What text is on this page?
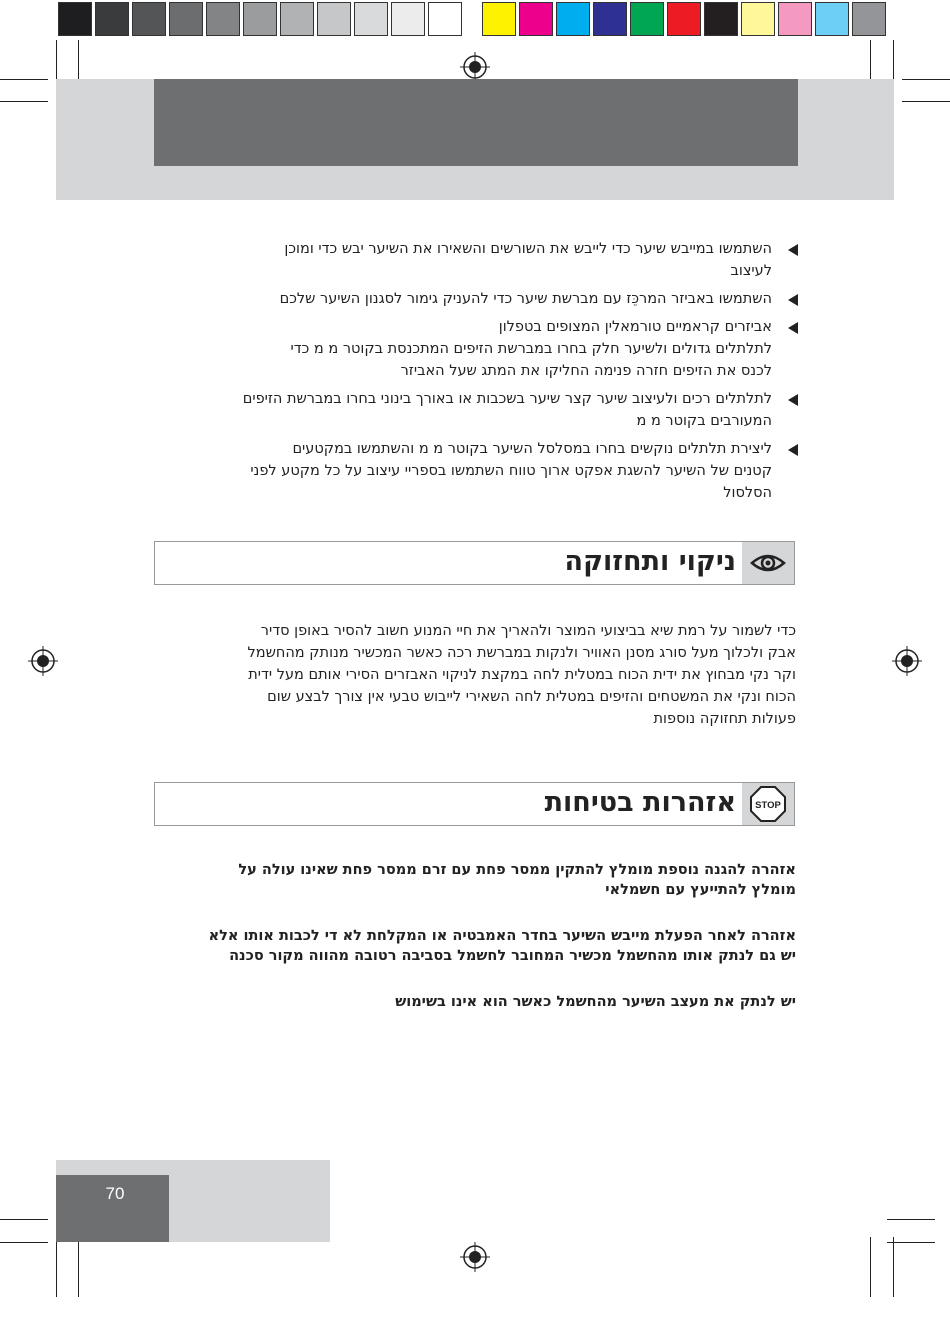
השתמשו במייבש שיער כדי לייבש את השורשים והשאירו את השיער יבש כדי ומוכן

לעיצוב

השתמשו באביזר המרכֵּז עם מברשת שיער כדי להעניק גימור לסגנון השיער שלכם

אביזרים קראמיים טורמאלין המצופים בטפלון

לתלתלים גדולים ולשיער חלק בחרו במברשת הזיפים המתכנסת בקוטר מ מ כדי

לכנס את הזיפים חזרה פנימה החליקו את המתג שעל האביזר

לתלתלים רכים ולעיצוב שיער קצר שיער בשכבות או באורך בינוני בחרו במברשת הזיפים

המעורבים בקוטר מ מ

ליצירת תלתלים נוקשים בחרו במסלסל השיער בקוטר מ מ והשתמשו במקטעים

קטנים של השיער להשגת אפקט ארוך טווח השתמשו בספריי עיצוב על כל מקטע לפני

הסלסול

ניקוי ותחזוקה

כדי לשמור על רמת שיא בביצועי המוצר ולהאריך את חיי המנוע חשוב להסיר באופן סדיר

אבק ולכלוך מעל סורג מסנן האוויר ולנקות במברשת רכה כאשר המכשיר מנותק מהחשמל

וקר נקי מבחוץ את ידית הכוח במטלית לחה במקצת לניקוי האבזרים הסירי אותם מעל ידית

הכוח ונקי את המשטחים והזיפים במטלית לחה השאירי לייבוש טבעי אין צורך לבצע שום

פעולות תחזוקה נוספות

STOP
אזהרות בטיחות

אזהרה להגנה נוספת מומלץ להתקין ממסר פחת עם זרם ממסר פחת שאינו עולה על

מומלץ להתייעץ עם חשמלאי

אזהרה לאחר הפעלת מייבש השיער בחדר האמבטיה או המקלחת לא די לכבות אותו אלא

יש גם לנתק אותו מהחשמל מכשיר המחובר לחשמל בסביבה רטובה מהווה מקור סכנה

יש לנתק את מעצב השיער מהחשמל כאשר הוא אינו בשימוש

70
